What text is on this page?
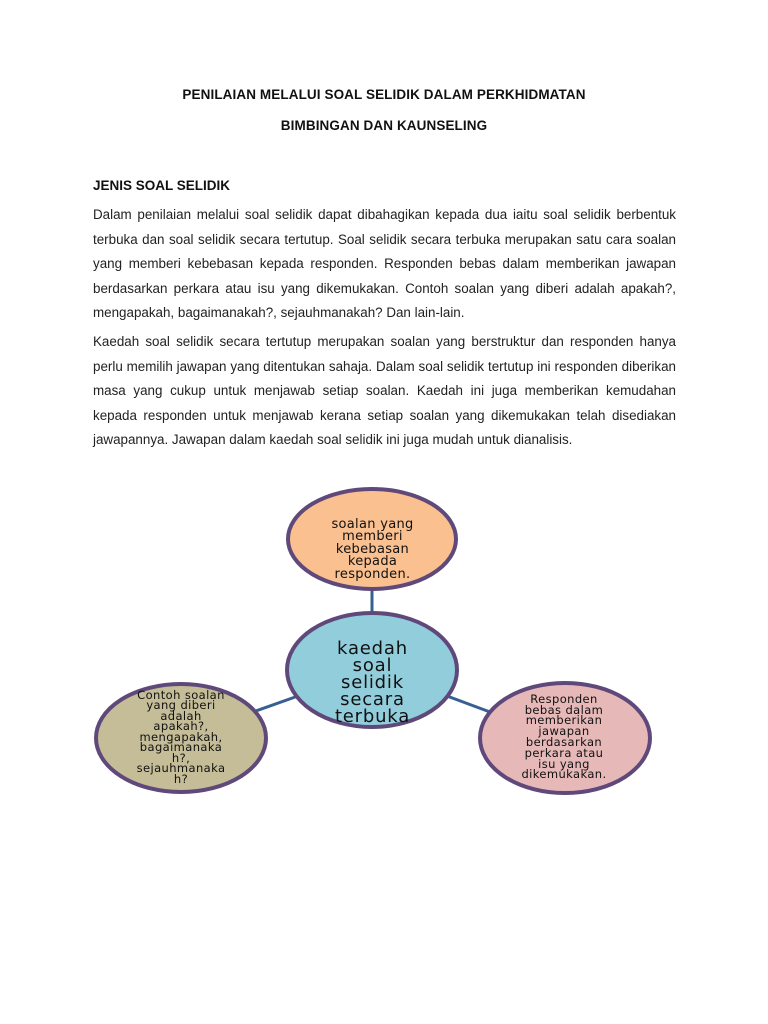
PENILAIAN MELALUI SOAL SELIDIK DALAM PERKHIDMATAN
BIMBINGAN DAN KAUNSELING
JENIS SOAL SELIDIK
Dalam penilaian melalui soal selidik dapat dibahagikan kepada dua iaitu soal selidik berbentuk terbuka dan soal selidik secara tertutup. Soal selidik secara terbuka merupakan satu cara soalan yang memberi kebebasan kepada responden. Responden bebas dalam memberikan jawapan berdasarkan perkara atau isu yang dikemukakan. Contoh soalan yang diberi adalah apakah?, mengapakah, bagaimanakah?, sejauhmanakah? Dan lain-lain.
Kaedah soal selidik secara tertutup merupakan soalan yang berstruktur dan responden hanya perlu memilih jawapan yang ditentukan sahaja. Dalam soal selidik tertutup ini responden diberikan masa yang cukup untuk menjawab setiap soalan. Kaedah ini juga memberikan kemudahan kepada responden untuk menjawab kerana setiap soalan yang dikemukakan telah disediakan jawapannya. Jawapan dalam kaedah soal selidik ini juga mudah untuk dianalisis.
soalan yang
memberi
kebebasan
kepada
responden.
kaedah
soal
selidik
secara
terbuka
Contoh soalan
yang diberi
adalah
apakah?,
mengapakah,
bagaimanaka
h?,
sejauhmanaka
h?
Responden
bebas dalam
memberikan
jawapan
berdasarkan
perkara atau
isu yang
dikemukakan.
